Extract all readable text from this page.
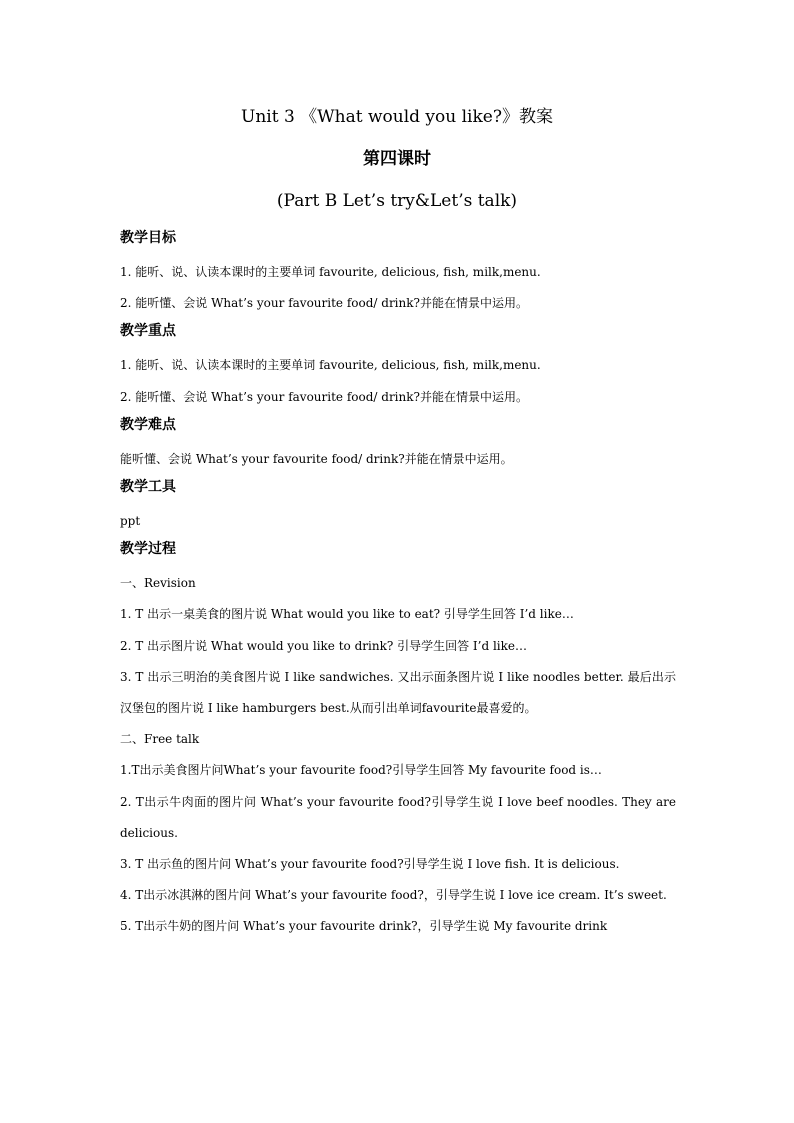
Unit 3 《What would you like?》教案
第四课时
(Part B Let’s try&Let’s talk)
教学目标
1. 能听、说、认读本课时的主要单词 favourite, delicious, fish, milk,menu.
2. 能听懂、会说 What’s your favourite food/ drink?并能在情景中运用。
教学重点
1. 能听、说、认读本课时的主要单词 favourite, delicious, fish, milk,menu.
2. 能听懂、会说 What’s your favourite food/ drink?并能在情景中运用。
教学难点
能听懂、会说 What’s your favourite food/ drink?并能在情景中运用。
教学工具
ppt
教学过程
一、Revision
1. T 出示一桌美食的图片说 What would you like to eat? 引导学生回答 I’d like…
2. T 出示图片说 What would you like to drink? 引导学生回答 I’d like…
3. T 出示三明治的美食图片说 I like sandwiches. 又出示面条图片说 I like noodles better. 最后出示汉堡包的图片说 I like hamburgers best.从而引出单词favourite最喜爱的。
二、Free talk
1.T出示美食图片问What’s your favourite food?引导学生回答 My favourite food is…
2. T出示牛肉面的图片问 What’s your favourite food?引导学生说 I love beef noodles. They are delicious.
3. T 出示鱼的图片问 What’s your favourite food?引导学生说 I love fish. It is delicious.
4. T出示冰淇淋的图片问 What’s your favourite food?，引导学生说 I love ice cream. It’s sweet.
5. T出示牛奶的图片问 What’s your favourite drink?，引导学生说 My favourite drink
